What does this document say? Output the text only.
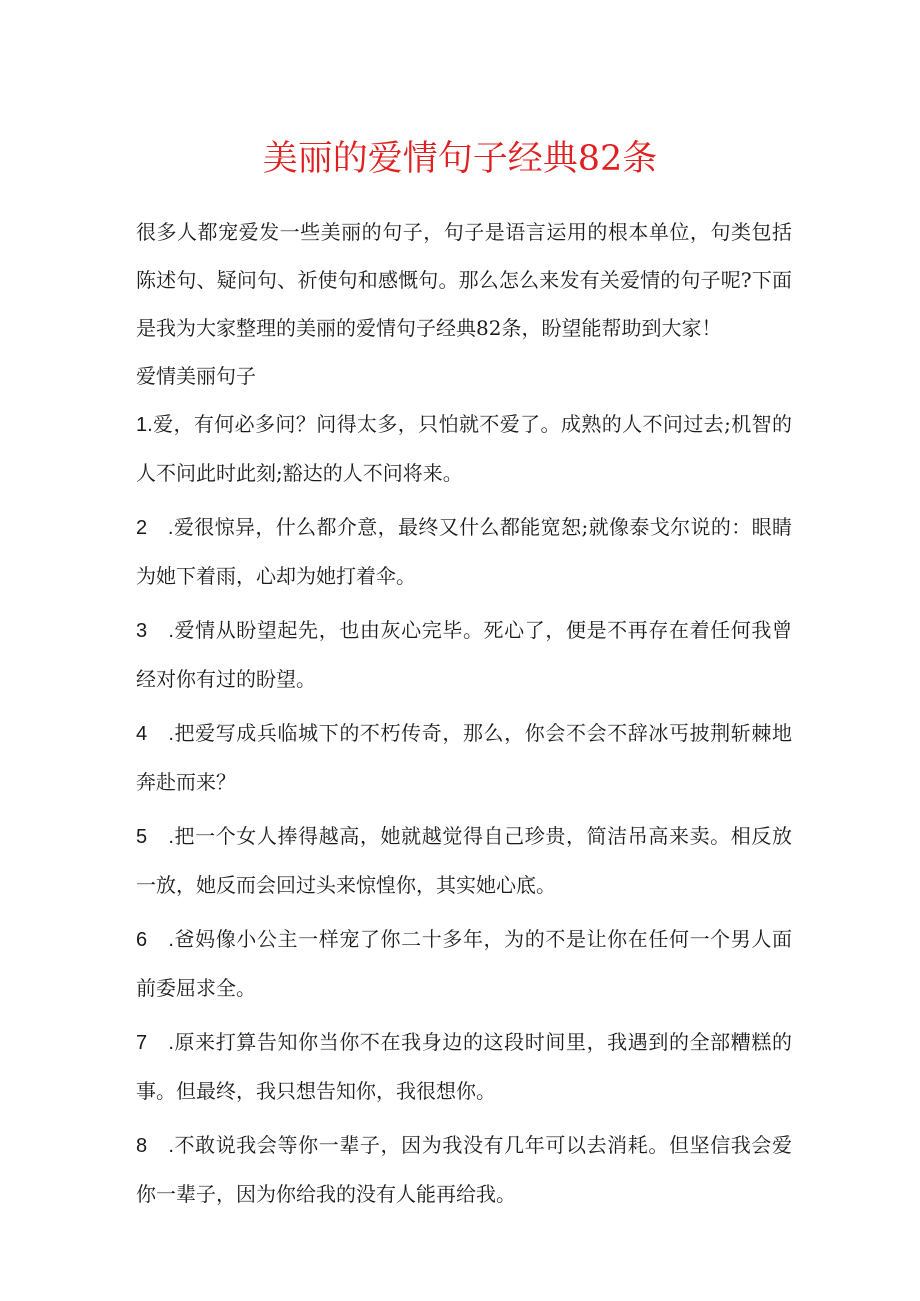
美丽的爱情句子经典82条

很多人都宠爱发一些美丽的句子，句子是语言运用的根本单位，句类包括陈述句、疑问句、祈使句和感慨句。那么怎么来发有关爱情的句子呢?下面是我为大家整理的美丽的爱情句子经典82条，盼望能帮助到大家！

爱情美丽句子

1.爱，有何必多问？问得太多，只怕就不爱了。成熟的人不问过去;机智的人不问此时此刻;豁达的人不问将来。

2　.爱很惊异，什么都介意，最终又什么都能宽恕;就像泰戈尔说的：眼睛为她下着雨，心却为她打着伞。

3　.爱情从盼望起先，也由灰心完毕。死心了，便是不再存在着任何我曾经对你有过的盼望。

4　.把爱写成兵临城下的不朽传奇，那么，你会不会不辞冰丐披荆斩棘地奔赴而来？

5　.把一个女人捧得越高，她就越觉得自己珍贵，简洁吊高来卖。相反放一放，她反而会回过头来惊惶你，其实她心底。

6　.爸妈像小公主一样宠了你二十多年，为的不是让你在任何一个男人面前委屈求全。

7　.原来打算告知你当你不在我身边的这段时间里，我遇到的全部糟糕的事。但最终，我只想告知你，我很想你。

8　.不敢说我会等你一辈子，因为我没有几年可以去消耗。但坚信我会爱你一辈子，因为你给我的没有人能再给我。
